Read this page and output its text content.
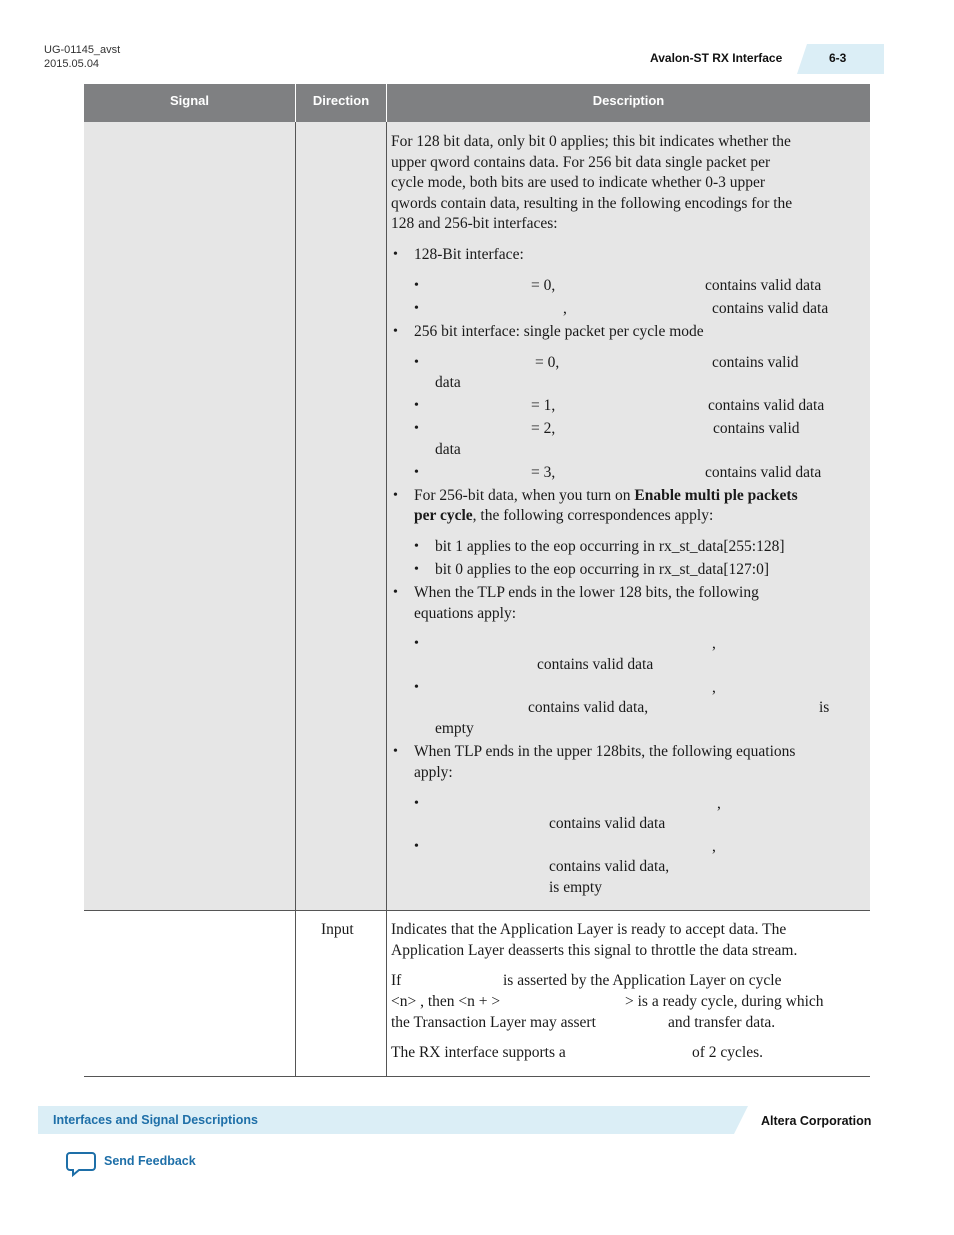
UG-01145_avst
2015.05.04	Avalon-ST RX Interface	6-3
Signal	Direction	Description
For 128 bit data, only bit 0 applies; this bit indicates whether the
upper qword contains data. For 256 bit data single packet per
cycle mode, both bits are used to indicate whether 0-3 upper
qwords contain data, resulting in the following encodings for the
128 and 256-bit interfaces:
• 128-Bit interface:
•	= 0,	contains valid data
•	,	contains valid data
• 256 bit interface: single packet per cycle mode
•	= 0,	contains valid
data
•	= 1,	contains valid data
•	= 2,	contains valid
data
•	= 3,	contains valid data
• For 256-bit data, when you turn on Enable multi ple packets
per cycle, the following correspondences apply:
• bit 1 applies to the eop occurring in rx_st_data[255:128]
• bit 0 applies to the eop occurring in rx_st_data[127:0]
• When the TLP ends in the lower 128 bits, the following
equations apply:
•	,
contains valid data
•	,
contains valid data,	is
empty
• When TLP ends in the upper 128bits, the following equations
apply:
•	,
contains valid data
•	,
contains valid data,
is empty
Input Indicates that the Application Layer is ready to accept data. The
Application Layer deasserts this signal to throttle the data stream.
If	is asserted by the Application Layer on cycle
<n> , then <n + >	> is a ready cycle, during which
the Transaction Layer may assert	and transfer data.
The RX interface supports a	of 2 cycles.
Interfaces and Signal Descriptions	Altera Corporation
Send Feedback
